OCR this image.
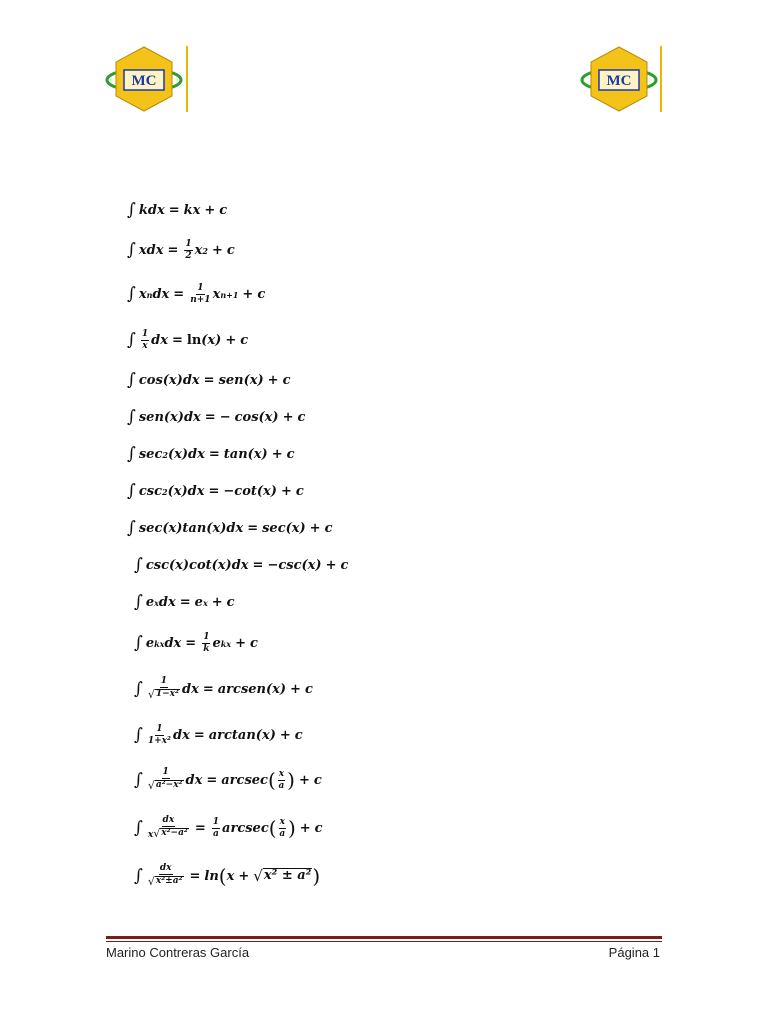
MC	MC
∫ kdx = kx + c
∫ xdx = $\frac{1}{2}$ x 2 + c
∫ x n dx = $\frac{1}{n+1}$ x n+1 + c
∫ $\frac{1}{x}$ dx = ln (x) + c
∫ cos(x)dx = sen(x) + c
∫ sen(x)dx = − cos(x) + c
∫ sec 2 (x)dx = tan(x) + c
∫ csc 2 (x)dx = −cot(x) + c
∫ sec(x)tan(x)dx = sec(x) + c
∫ csc(x)cot(x)dx = −csc(x) + c
∫ e x dx = e x + c
∫ e kx dx = $\frac{1}{k}$ e kx + c
∫ $\frac{1}{\text{√ 1−x²}}$ dx = arcsen(x) + c
∫ $\frac{1}{\text{1+x²}}$ dx = arctan(x) + c
∫ $\frac{1}{\text{√ a²−x²}}$ dx = arcsec ( $\frac{x}{a}$ ) + c
∫ $\frac{dx}{\text{x √ x²−a²}} = \frac{1}{a}$ arcsec ( $\frac{x}{a}$ ) + c
∫ $\frac{dx}{\text{√ x²±a²}} = \ln$ ( x + √ x² ± a² )
Marino Contreras García	Página 1
